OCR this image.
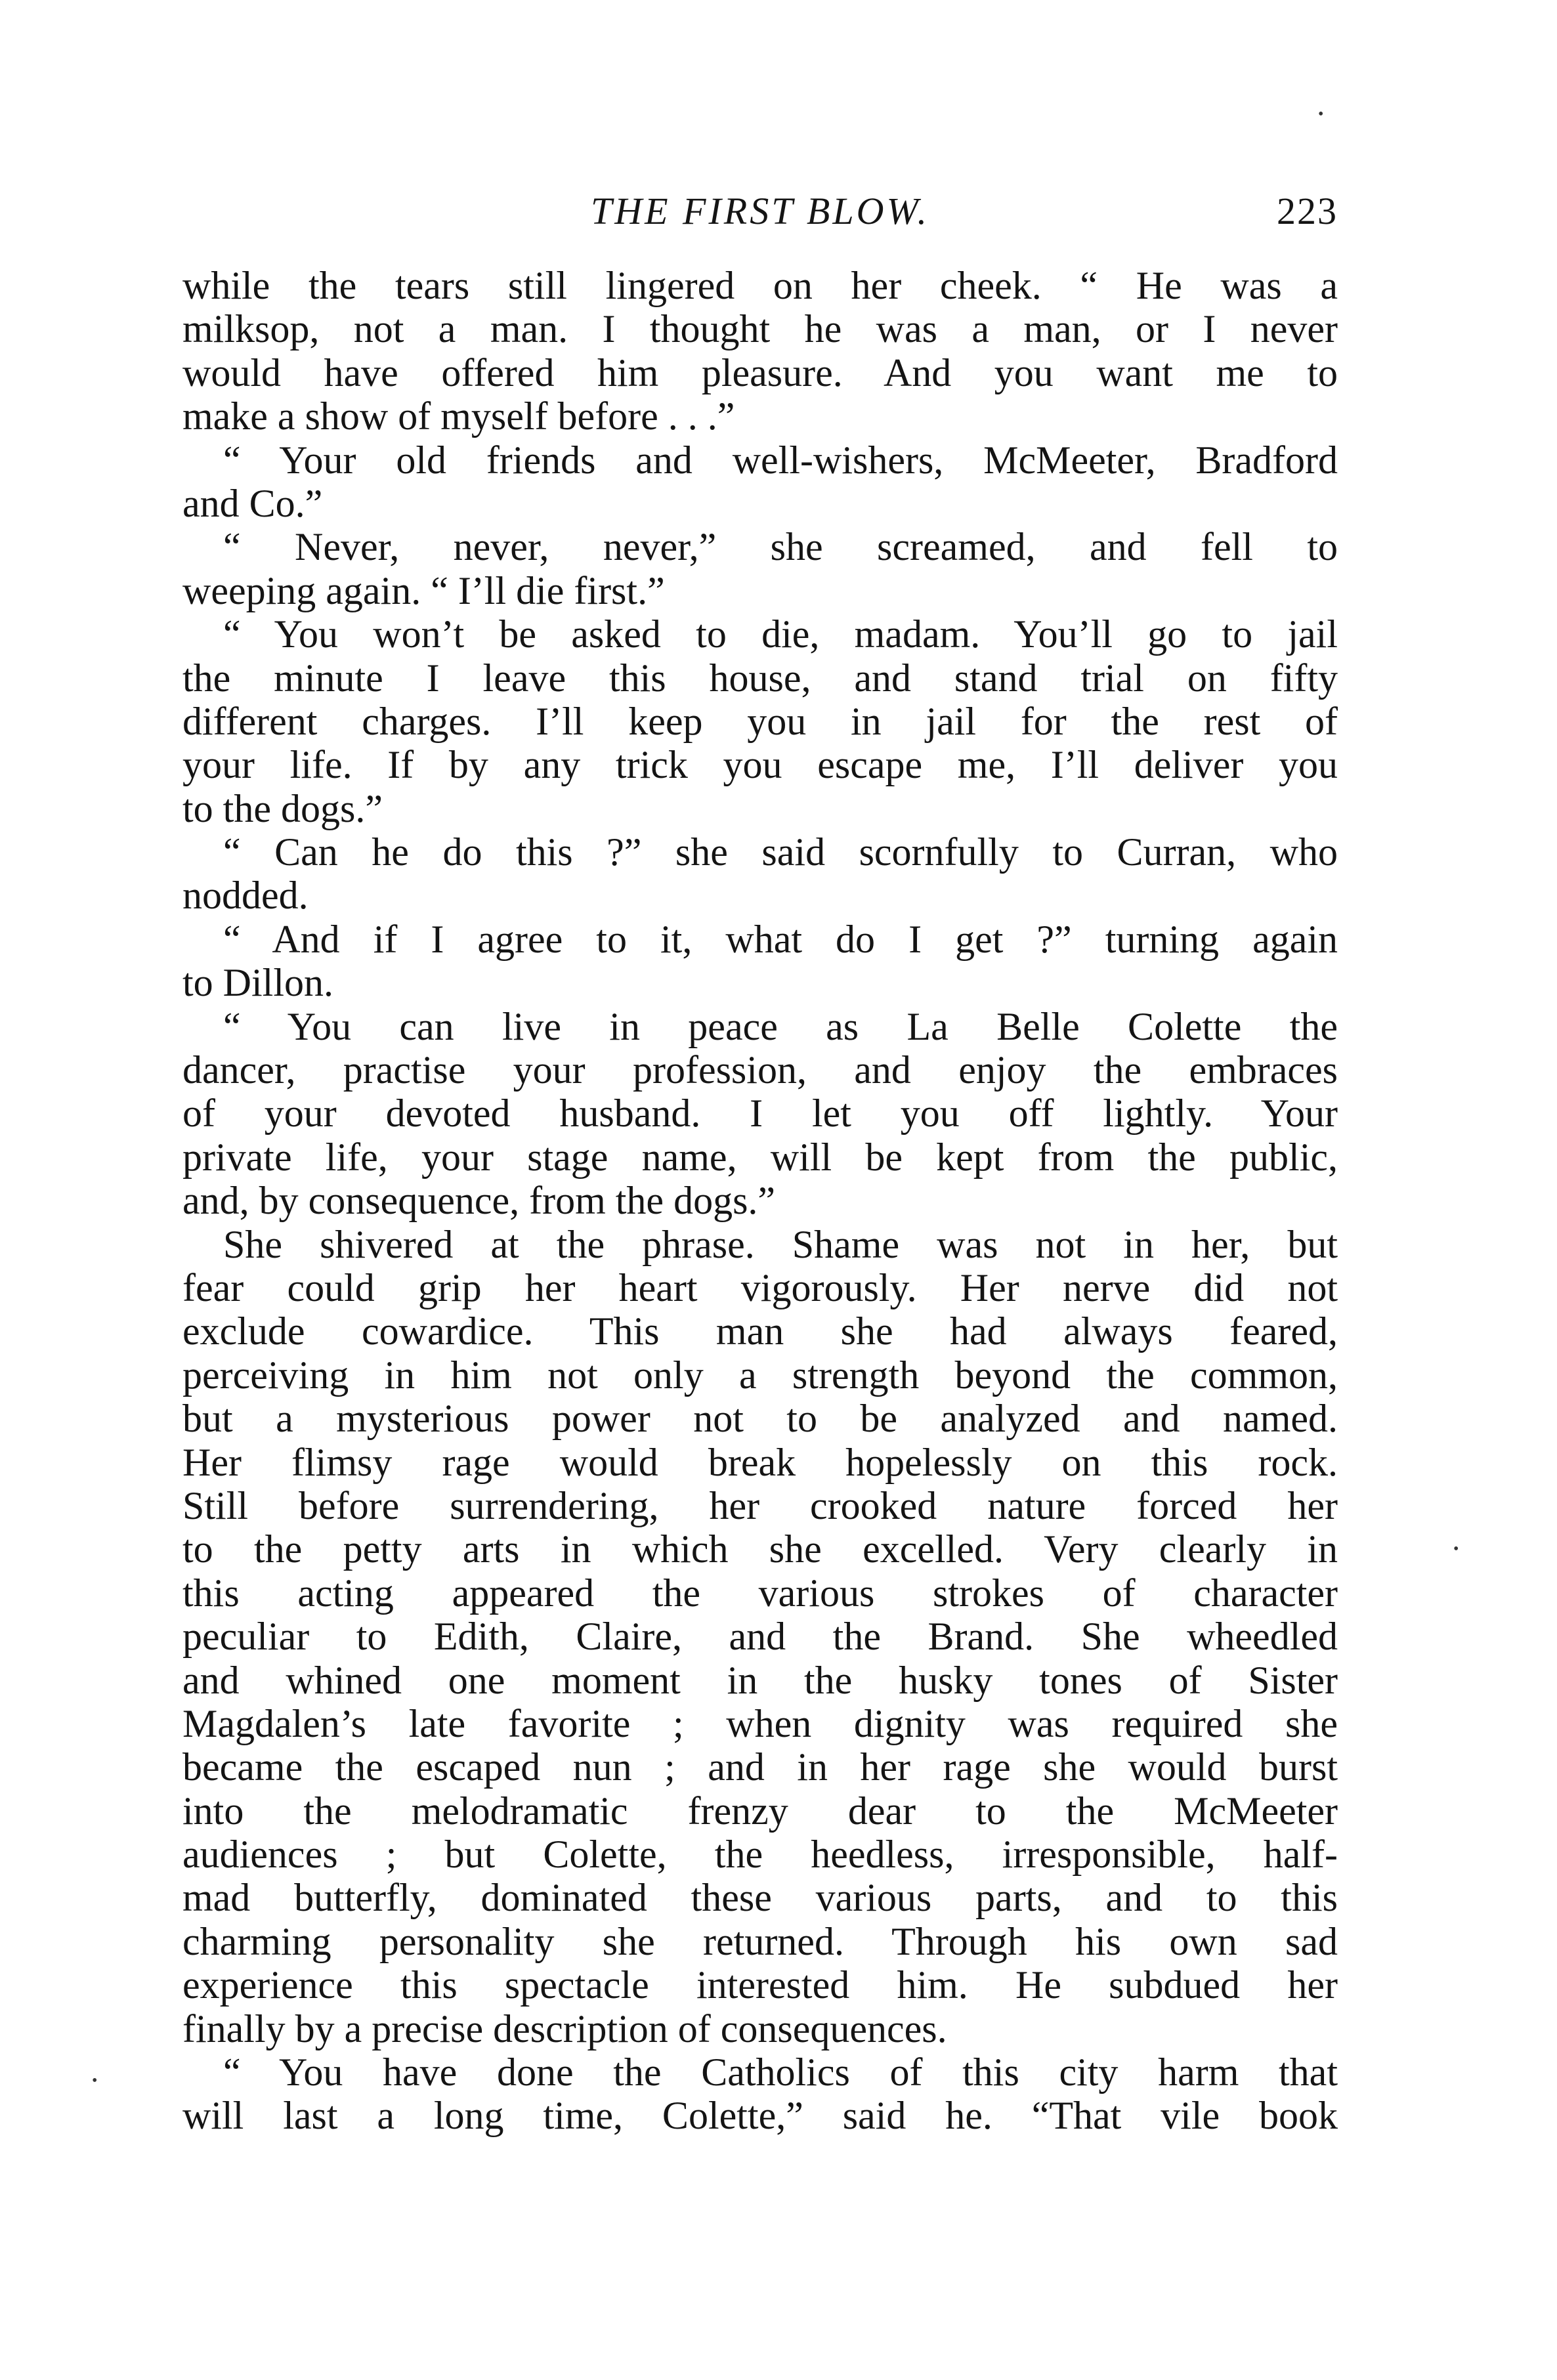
THE FIRST BLOW.	223
while the tears still lingered on her cheek. “ He was a
milksop, not a man. I thought he was a man, or I never
would have offered him pleasure. And you want me to
make a show of myself before . . .”
“ Your old friends and well-wishers, McMeeter, Bradford
and Co.”
“ Never, never, never,” she screamed, and fell to
weeping again. “ I’ll die first.”
“ You won’t be asked to die, madam. You’ll go to jail
the minute I leave this house, and stand trial on fifty
different charges. I’ll keep you in jail for the rest of
your life. If by any trick you escape me, I’ll deliver you
to the dogs.”
“ Can he do this ?” she said scornfully to Curran, who
nodded.
“ And if I agree to it, what do I get ?” turning again
to Dillon.
“ You can live in peace as La Belle Colette the
dancer, practise your profession, and enjoy the embraces
of your devoted husband. I let you off lightly. Your
private life, your stage name, will be kept from the public,
and, by consequence, from the dogs.”
She shivered at the phrase. Shame was not in her, but
fear could grip her heart vigorously. Her nerve did not
exclude cowardice. This man she had always feared,
perceiving in him not only a strength beyond the common,
but a mysterious power not to be analyzed and named.
Her flimsy rage would break hopelessly on this rock.
Still before surrendering, her crooked nature forced her
to the petty arts in which she excelled. Very clearly in
this acting appeared the various strokes of character
peculiar to Edith, Claire, and the Brand. She wheedled
and whined one moment in the husky tones of Sister
Magdalen’s late favorite ; when dignity was required she
became the escaped nun ; and in her rage she would burst
into the melodramatic frenzy dear to the McMeeter
audiences ; but Colette, the heedless, irresponsible, half-
mad butterfly, dominated these various parts, and to this
charming personality she returned. Through his own sad
experience this spectacle interested him. He subdued her
finally by a precise description of consequences.
“ You have done the Catholics of this city harm that
will last a long time, Colette,” said he. “That vile book
•
•
•
